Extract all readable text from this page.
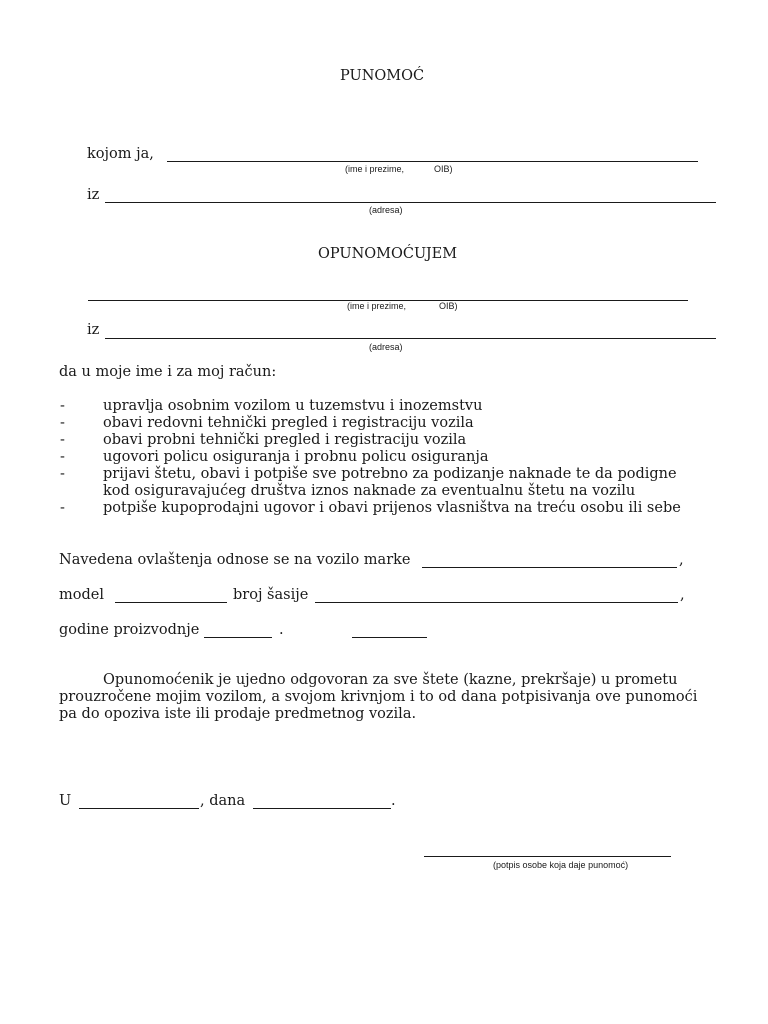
PUNOMOĆ
kojom ja,
(ime i prezime,	OIB)
iz
(adresa)
OPUNOMOĆUJEM
(ime i prezime,	OIB)
iz
(adresa)
da u moje ime i za moj račun:
-	upravlja osobnim vozilom u tuzemstvu i inozemstvu
-	obavi redovni tehnički pregled i registraciju vozila
-	obavi probni tehnički pregled i registraciju vozila
-	ugovori policu osiguranja i probnu policu osiguranja
-	prijavi štetu, obavi i potpiše sve potrebno za podizanje naknade te da podigne
kod osiguravajućeg društva iznos naknade za eventualnu štetu na vozilu
-	potpiše kupoprodajni ugovor i obavi prijenos vlasništva na treću osobu ili sebe
Navedena ovlaštenja odnose se na vozilo marke	,
model	broj šasije	,
godine proizvodnje	.
Opunomoćenik je ujedno odgovoran za sve štete (kazne, prekršaje) u prometu
prouzročene mojim vozilom, a svojom krivnjom i to od dana potpisivanja ove punomoći
pa do opoziva iste ili prodaje predmetnog vozila.
U	, dana	.
(potpis osobe koja daje punomoć)
